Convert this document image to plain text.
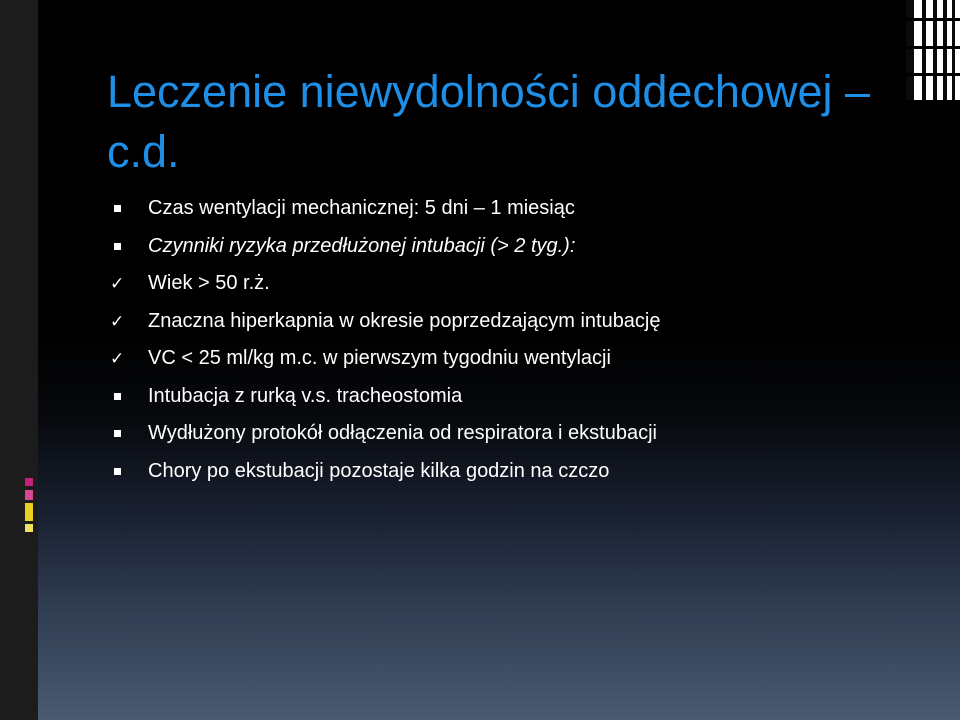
Leczenie niewydolności oddechowej – c.d.
Czas wentylacji mechanicznej: 5 dni – 1 miesiąc
Czynniki ryzyka przedłużonej intubacji (> 2 tyg.):
✓ Wiek > 50 r.ż.
✓ Znaczna hiperkapnia w okresie poprzedzającym intubację
✓ VC < 25 ml/kg m.c. w pierwszym tygodniu wentylacji
Intubacja z rurką v.s. tracheostomia
Wydłużony protokół odłączenia od respiratora i ekstubacji
Chory po ekstubacji pozostaje kilka godzin na czczo
